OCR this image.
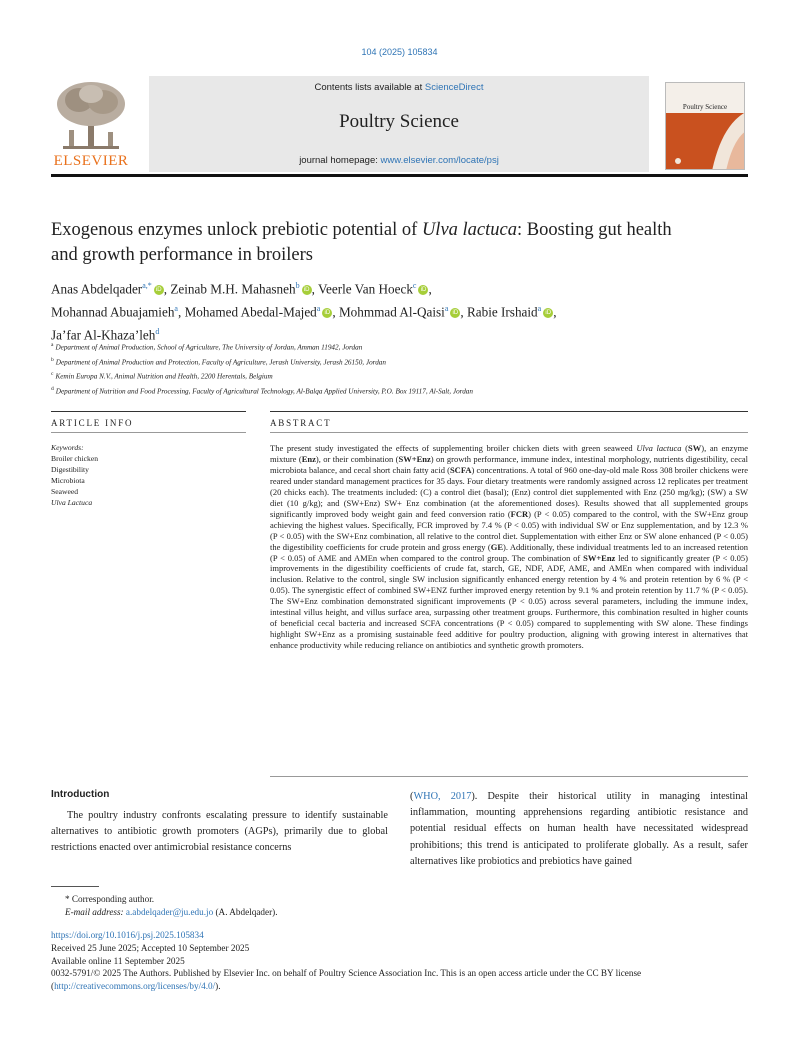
104 (2025) 105834
ELSEVIER
Contents lists available at ScienceDirect
Poultry Science
journal homepage: www.elsevier.com/locate/psj
Poultry Science
Exogenous enzymes unlock prebiotic potential of Ulva lactuca: Boosting gut health and growth performance in broilers
Anas Abdelqader$^{a,*}$iD , Zeinab M.H. Mahasneh$^b$iD , Veerle Van Hoeck$^c$iD ,
Mohannad Abuajamieh$^a$, Mohamed Abedal-Majed$^a$iD , Mohmmad Al-Qaisi$^a$iD , Rabie Irshaid$^a$iD ,
Ja’far Al-Khaza’leh$^d$
$^a$ Department of Animal Production, School of Agriculture, The University of Jordan, Amman 11942, Jordan
$^b$ Department of Animal Production and Protection, Faculty of Agriculture, Jerash University, Jerash 26150, Jordan
$^c$ Kemin Europa N.V., Animal Nutrition and Health, 2200 Herentals, Belgium
$^d$ Department of Nutrition and Food Processing, Faculty of Agricultural Technology, Al-Balqa Applied University, P.O. Box 19117, Al-Salt, Jordan
ARTICLE INFO	ABSTRACT
Keywords:
Broiler chicken
Digestibility
Microbiota
Seaweed
Ulva Lactuca
The present study investigated the effects of supplementing broiler chicken diets with green seaweed Ulva lactuca (SW), an enzyme mixture (Enz), or their combination (SW+Enz) on growth performance, immune index, intestinal morphology, nutrients digestibility, cecal microbiota balance, and cecal short chain fatty acid (SCFA) concentrations. A total of 960 one-day-old male Ross 308 broiler chickens were reared under standard management practices for 35 days. Four dietary treatments were randomly assigned across 12 replicates per treatment (20 chicks each). The treatments included: (C) a control diet (basal); (Enz) control diet supplemented with Enz (250 mg/kg); (SW) a SW diet (10 g/kg); and (SW+Enz) SW+ Enz combination (at the aforementioned doses). Results showed that all supplemented groups significantly improved body weight gain and feed conversion ratio (FCR) (P < 0.05) compared to the control, with the SW+Enz group achieving the highest values. Specifically, FCR improved by 7.4 % (P < 0.05) with individual SW or Enz supplementation, and by 12.3 % (P < 0.05) with the SW+Enz combination, all relative to the control diet. Supplementation with either Enz or SW alone enhanced (P < 0.05) the digestibility coefficients for crude protein and gross energy (GE). Additionally, these individual treatments led to an increased retention (P < 0.05) of AME and AMEn when compared to the control group. The combination of SW+Enz led to significantly greater (P < 0.05) improvements in the digestibility coefficients of crude fat, starch, GE, NDF, ADF, AME, and AMEn when compared with individual inclusion. Relative to the control, single SW inclusion significantly enhanced energy retention by 4 % and protein retention by 6 % (P < 0.05). The synergistic effect of combined SW+ENZ further improved energy retention by 9.1 % and protein retention by 11.7 % (P < 0.05). The SW+Enz combination demonstrated significant improvements (P < 0.05) across several parameters, including the immune index, intestinal villus height, and villus surface area, surpassing other treatment groups. Furthermore, this combination resulted in higher counts of beneficial cecal bacteria and increased SCFA concentrations (P < 0.05) compared to supplementing with SW alone. These findings highlight SW+Enz as a promising sustainable feed additive for poultry production, aligning with growing interest in alternatives that enhance productivity while reducing reliance on antibiotics and synthetic growth promoters.
Introduction
The poultry industry confronts escalating pressure to identify sustainable alternatives to antibiotic growth promoters (AGPs), primarily due to global restrictions enacted over antimicrobial resistance concerns
(WHO, 2017). Despite their historical utility in managing intestinal inflammation, mounting apprehensions regarding antibiotic resistance and potential residual effects on human health have necessitated widespread prohibitions; this trend is anticipated to proliferate globally. As a result, safer alternatives like probiotics and prebiotics have gained
* Corresponding author.
E-mail address: a.abdelqader@ju.edu.jo (A. Abdelqader).
https://doi.org/10.1016/j.psj.2025.105834
Received 25 June 2025; Accepted 10 September 2025
Available online 11 September 2025
0032-5791/© 2025 The Authors. Published by Elsevier Inc. on behalf of Poultry Science Association Inc. This is an open access article under the CC BY license
(http://creativecommons.org/licenses/by/4.0/).
